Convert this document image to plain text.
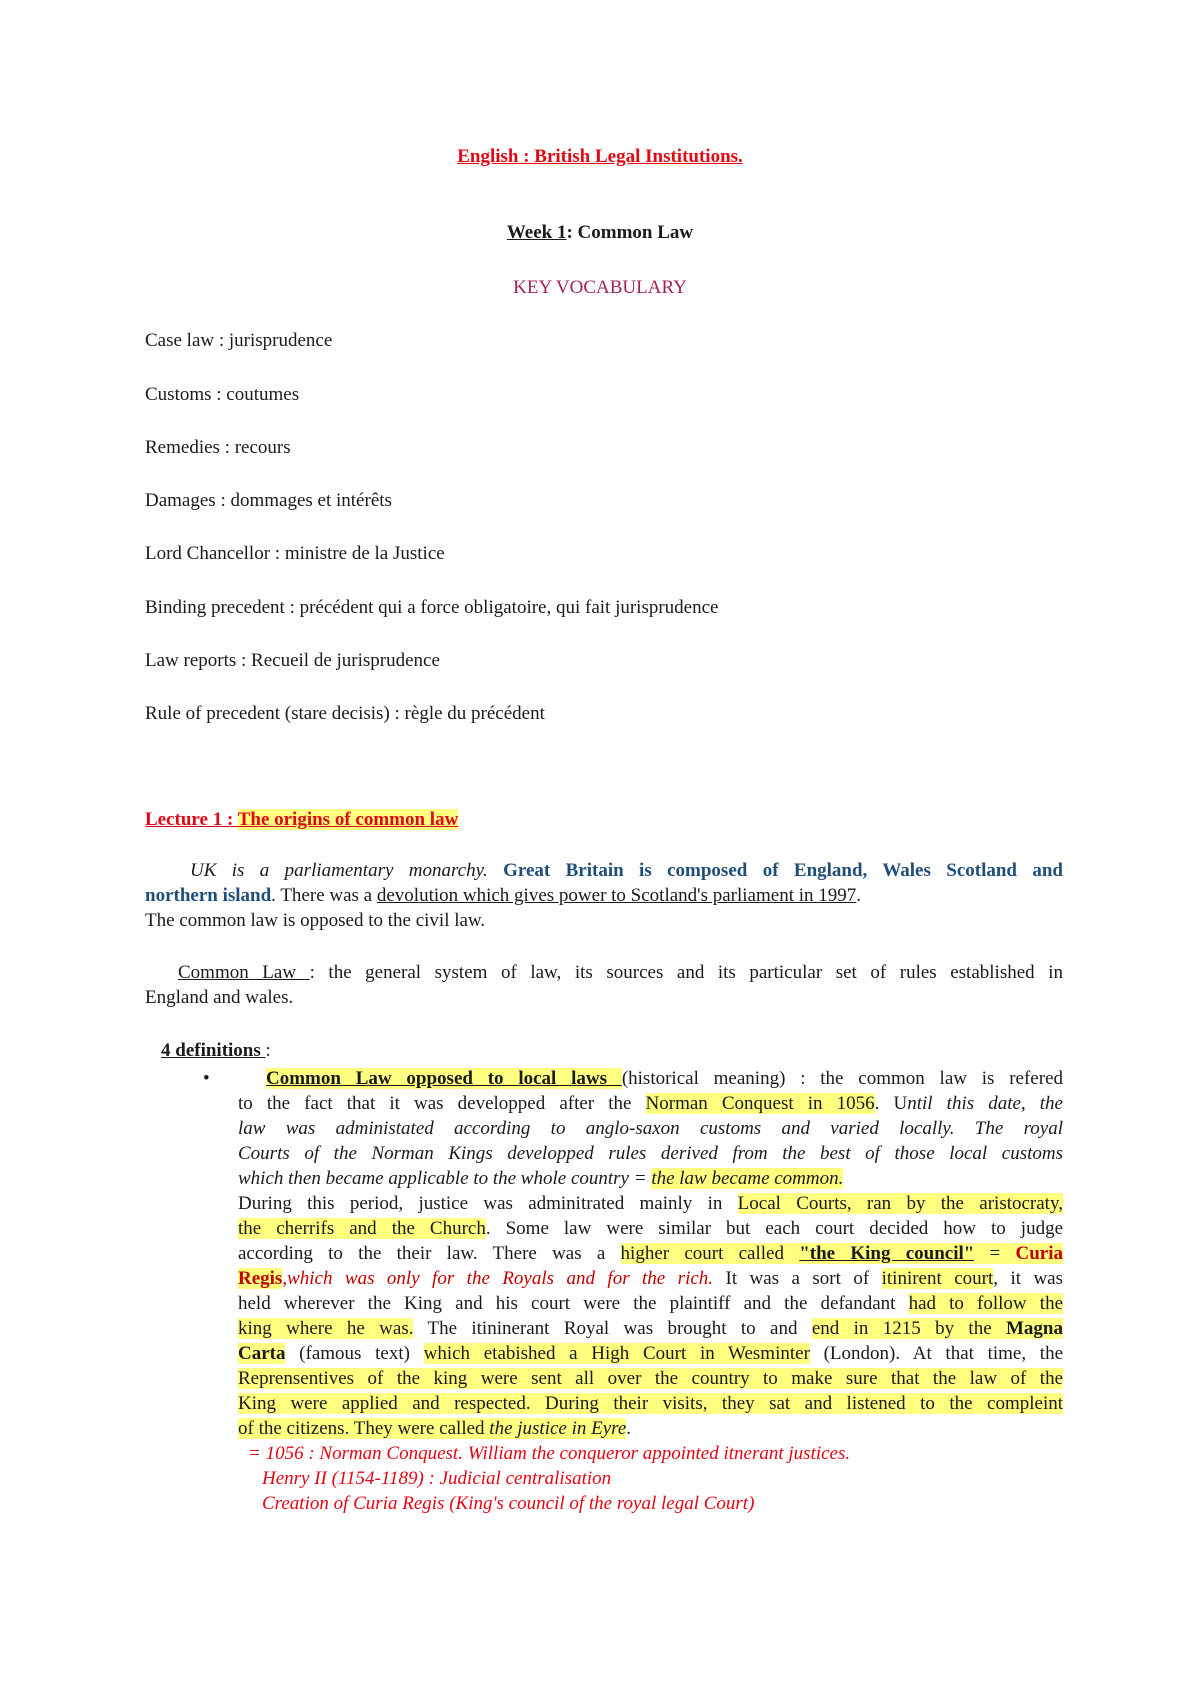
English : British Legal Institutions.
Week 1: Common Law
KEY VOCABULARY
Case law : jurisprudence
Customs : coutumes
Remedies : recours
Damages : dommages et intérêts
Lord Chancellor : ministre de la Justice
Binding precedent : précédent qui a force obligatoire, qui fait jurisprudence
Law reports : Recueil de jurisprudence
Rule of precedent (stare decisis) : règle du précédent
Lecture 1 : The origins of common law
UK is a parliamentary monarchy. Great Britain is composed of England, Wales Scotland and
northern island. There was a devolution which gives power to Scotland's parliament in 1997.
The common law is opposed to the civil law.
Common Law : the general system of law, its sources and its particular set of rules established in
England and wales.
4 definitions :
•	Common Law opposed to local laws (historical meaning) : the common law is refered
to the fact that it was developped after the Norman Conquest in 1056. Until this date, the
law was administated according to anglo-saxon customs and varied locally. The royal
Courts of the Norman Kings developped rules derived from the best of those local customs
which then became applicable to the whole country = the law became common.
During this period, justice was adminitrated mainly in Local Courts, ran by the aristocraty,
the cherrifs and the Church. Some law were similar but each court decided how to judge
according to the their law. There was a higher court called "the King council" = Curia
Regis,which was only for the Royals and for the rich. It was a sort of itinirent court, it was
held wherever the King and his court were the plaintiff and the defandant had to follow the
king where he was. The itininerant Royal was brought to and end in 1215 by the Magna
Carta (famous text) which etabished a High Court in Wesminter (London). At that time, the
Reprensentives of the king were sent all over the country to make sure that the law of the
King were applied and respected. During their visits, they sat and listened to the compleint
of the citizens. They were called the justice in Eyre.
= 1056 : Norman Conquest. William the conqueror appointed itnerant justices.
Henry II (1154-1189) : Judicial centralisation
Creation of Curia Regis (King's council of the royal legal Court)
